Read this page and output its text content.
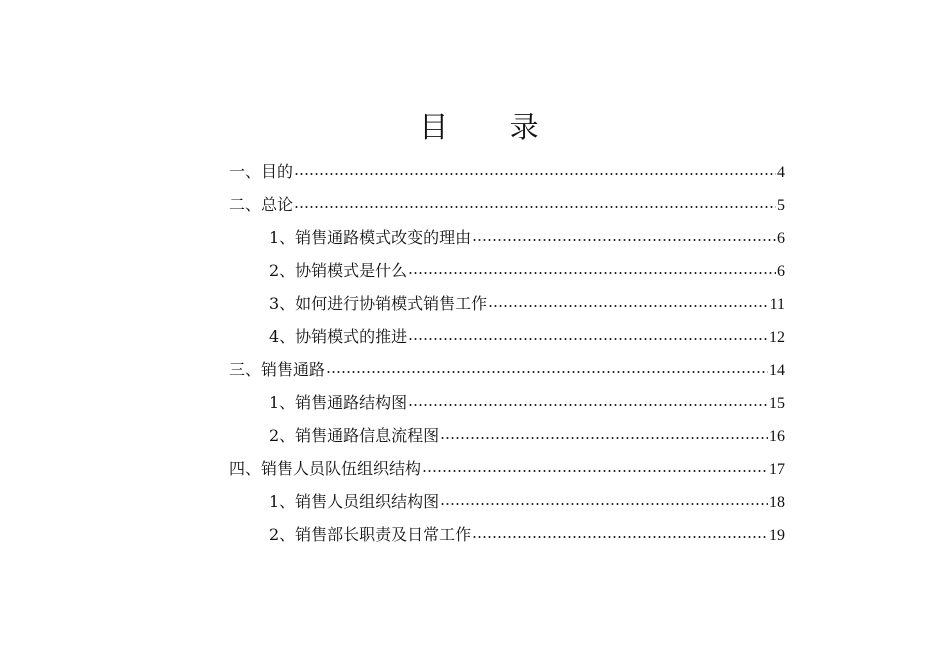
目 录
一、目的	4
二、总论	5
1、销售通路模式改变的理由	6
2、协销模式是什么	6
3、如何进行协销模式销售工作	11
4、协销模式的推进	12
三、销售通路	14
1、销售通路结构图	15
2、销售通路信息流程图	16
四、销售人员队伍组织结构	17
1、销售人员组织结构图	18
2、销售部长职责及日常工作	19
